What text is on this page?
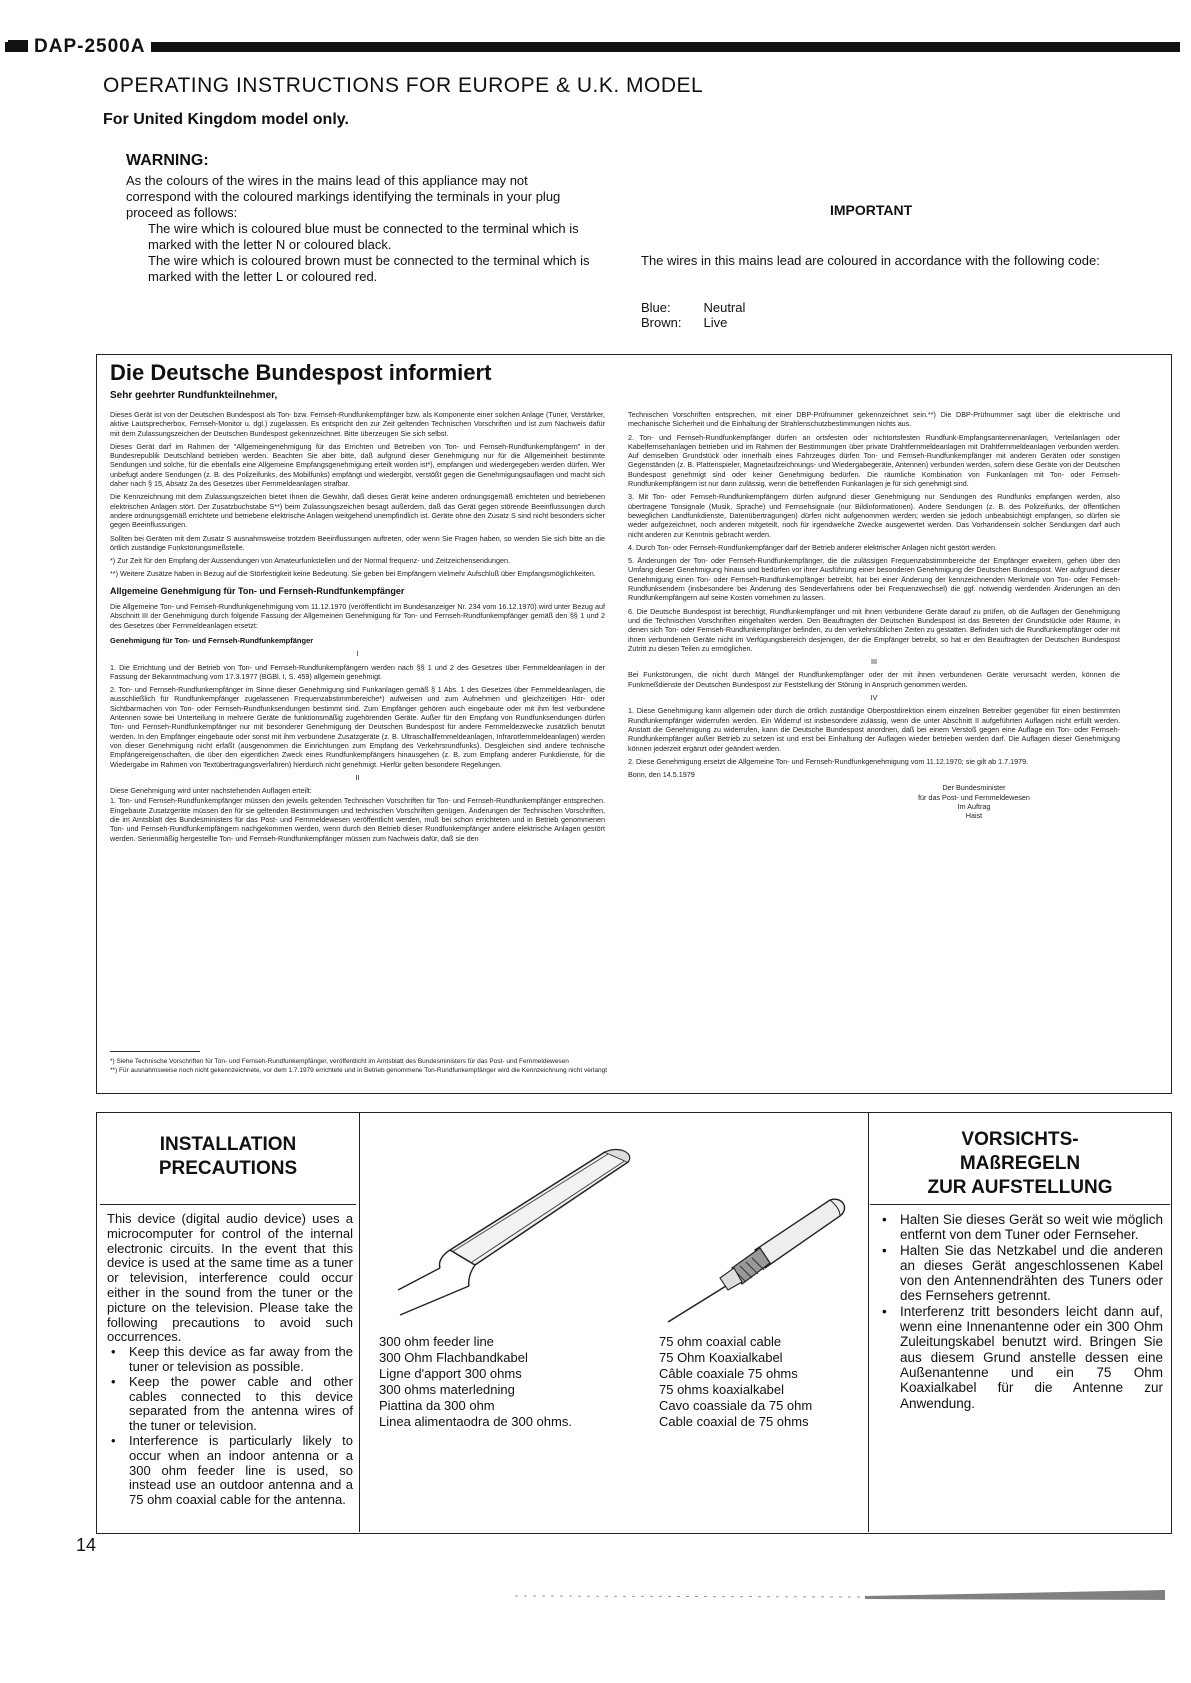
DAP-2500A
OPERATING INSTRUCTIONS FOR EUROPE & U.K. MODEL
For United Kingdom model only.
WARNING:

As the colours of the wires in the mains lead of this appliance may not correspond with the coloured markings identifying the terminals in your plug proceed as follows:

The wire which is coloured blue must be connected to the terminal which is marked with the letter N or coloured black.

The wire which is coloured brown must be connected to the terminal which is marked with the letter L or coloured red.

IMPORTANT
The wires in this mains lead are coloured in accordance with the following code:
Blue:	Neutral
Brown:	Live
Die Deutsche Bundespost informiert
Sehr geehrter Rundfunkteilnehmer,

Dieses Gerät ist von der Deutschen Bundespost als Ton- bzw. Fernseh-Rundfunkempfänger bzw. als Komponente einer solchen Anlage (Tuner, Verstärker, aktive Lautsprecherbox, Fernseh-Monitor u. dgl.) zugelassen. Es entspricht den zur Zeit geltenden Technischen Vorschriften und ist zum Nachweis dafür mit dem Zulassungszeichen der Deutschen Bundespost gekennzeichnet. Bitte überzeugen Sie sich selbst.

Dieses Gerät darf im Rahmen der "Allgemeingenehmigung für das Errichten und Betreiben von Ton- und Fernseh-Rundfunkempfängern" in der Bundesrepublik Deutschland betrieben werden. Beachten Sie aber bitte, daß aufgrund dieser Genehmigung nur für die Allgemeinheit bestimmte Sendungen und solche, für die ebenfalls eine Allgemeine Empfangsgenehmigung erteilt worden ist*), empfangen und wiedergegeben werden dürfen. Wer unbefugt andere Sendungen (z. B. des Polizeifunks, des Mobilfunks) empfängt und wiedergibt, verstößt gegen die Genehmigungsauflagen und macht sich daher nach § 15, Absatz 2a des Gesetzes über Fernmeldeanlagen strafbar.

Die Kennzeichnung mit dem Zulassungszeichen bietet Ihnen die Gewähr, daß dieses Gerät keine anderen ordnungsgemäß errichteten und betriebenen elektrischen Anlagen stört. Der Zusatzbuchstabe S**) beim Zulassungszeichen besagt außerdem, daß das Gerät gegen störende Beeinflussungen durch andere ordnungsgemäß errichtete und betriebene elektrische Anlagen weitgehend unempfindlich ist. Geräte ohne den Zusatz S sind nicht besonders sicher gegen Beeinflussungen.

Sollten bei Geräten mit dem Zusatz S ausnahmsweise trotzdem Beeinflussungen auftreten, oder wenn Sie Fragen haben, so wenden Sie sich bitte an die örtlich zuständige Funkstörungsmeßstelle.

*) Zur Zeit für den Empfang der Aussendungen von Amateurfunkstellen und der Normal frequenz- und Zeitzeichensendungen.

**) Weitere Zusätze haben in Bezug auf die Störfestigkeit keine Bedeutung. Sie geben bei Empfängern vielmehr Aufschluß über Empfangsmöglichkeiten.

Allgemeine Genehmigung für Ton- und Fernseh-Rundfunkempfänger

Die Allgemeine Ton- und Fernseh-Rundfunkgenehmigung vom 11.12.1970 (veröffentlicht im Bundesanzeiger Nr. 234 vom 16.12.1970) wird unter Bezug auf Abschnitt III der Genehmigung durch folgende Fassung der Allgemeinen Genehmigung für Ton- und Fernseh-Rundfunkempfänger gemäß den §§ 1 und 2 des Gesetzes über Fernmeldeanlagen ersetzt:

Genehmigung für Ton- und Fernseh-Rundfunkempfänger

I

1. Die Errichtung und der Betrieb von Ton- und Fernseh-Rundfunkempfängern werden nach §§ 1 und 2 des Gesetzes über Fernmeldeanlagen in der Fassung der Bekanntmachung vom 17.3.1977 (BGBl. I, S. 459) allgemein genehmigt.

2. Ton- und Fernseh-Rundfunkempfänger im Sinne dieser Genehmigung sind Funkanlagen gemäß § 1 Abs. 1 des Gesetzes über Fernmeldeanlagen, die ausschließlich für Rundfunkempfänger zugelassenen Frequenzabstimmbereiche*) aufweisen und zum Aufnehmen und gleichzeitigen Hör- oder Sichtbarmachen von Ton- oder Fernseh-Rundfunksendungen bestimmt sind. Zum Empfänger gehören auch eingebaute oder mit ihm fest verbundene Antennen sowie bei Unterteilung in mehrere Geräte die funktionsmäßig zugehörenden Geräte. Außer für den Empfang von Rundfunksendungen dürfen Ton- und Fernseh-Rundfunkempfänger nur mit besonderer Genehmigung der Deutschen Bundespost für andere Fernmeldezwecke zusätzlich benutzt werden. In den Empfänger eingebaute oder sonst mit ihm verbundene Zusatzgeräte (z. B. Ultraschallfernmeldeanlagen, Infrarotfernmeldeanlagen) werden von dieser Genehmigung nicht erfaßt (ausgenommen die Einrichtungen zum Empfang des Verkehrsrundfunks). Desgleichen sind andere technische Empfängereigenschaften, die über den eigentlichen Zweck eines Rundfunkempfängers hinausgehen (z. B. zum Empfang anderer Funkdienste, für die Wiedergabe im Rahmen von Textübertragungsverfahren) hierdurch nicht genehmigt. Hierfür gelten besondere Regelungen.

II

Diese Genehmigung wird unter nachstehenden Auflagen erteilt:

1. Ton- und Fernseh-Rundfunkempfänger müssen den jeweils geltenden Technischen Vorschriften für Ton- und Fernseh-Rundfunkempfänger entsprechen. Eingebaute Zusatzgeräte müssen den für sie geltenden Bestimmungen und technischen Vorschriften genügen. Änderungen der Technischen Vorschriften, die im Amtsblatt des Bundesministers für das Post- und Fernmeldewesen veröffentlicht werden, muß bei schon errichteten und in Betrieb genommenen Ton- und Fernseh-Rundfunkempfängern nachgekommen werden, wenn durch den Betrieb dieser Rundfunkempfänger andere elektrische Anlagen gestört werden. Serienmäßig hergestellte Ton- und Fernseh-Rundfunkempfänger müssen zum Nachweis dafür, daß sie den

Technischen Vorschriften entsprechen, mit einer DBP-Prüfnummer gekennzeichnet sein.**) Die DBP-Prüfnummer sagt über die elektrische und mechanische Sicherheit und die Einhaltung der Strahlenschutzbestimmungen nichts aus.

2. Ton- und Fernseh-Rundfunkempfänger dürfen an ortsfesten oder nichtortsfesten Rundfunk-Empfangsantennenanlagen, Verteilanlagen oder Kabelfernsehanlagen betrieben und im Rahmen der Bestimmungen über private Drahtfernmeldeanlagen mit Drahtfernmeldeanlagen verbunden werden. Auf demselben Grundstück oder innerhalb eines Fahrzeuges dürfen Ton- und Fernseh-Rundfunkempfänger mit anderen Geräten oder sonstigen Gegenständen (z. B. Plattenspieler, Magnetaufzeichnungs- und Wiedergabegeräte, Antennen) verbunden werden, sofern diese Geräte von der Deutschen Bundespost genehmigt sind oder keiner Genehmigung bedürfen. Die räumliche Kombination von Funkanlagen mit Ton- oder Fernseh-Rundfunkempfängern ist nur dann zulässig, wenn die betreffenden Funkanlagen je für sich genehmigt sind.

3. Mit Ton- oder Fernseh-Rundfunkempfängern dürfen aufgrund dieser Genehmigung nur Sendungen des Rundfunks empfangen werden, also übertragene Tonsignale (Musik, Sprache) und Fernsehsignale (nur Bildinformationen). Andere Sendungen (z. B. des Polizeifunks, der öffentlichen beweglichen Landfunkdienste, Datenübertragungen) dürfen nicht aufgenommen werden; werden sie jedoch unbeabsichtigt empfangen, so dürfen sie weder aufgezeichnet, noch anderen mitgeteilt, noch für irgendwelche Zwecke ausgewertet werden. Das Vorhandensein solcher Sendungen darf auch nicht anderen zur Kenntnis gebracht werden.

4. Durch Ton- oder Fernseh-Rundfunkempfänger darf der Betrieb anderer elektrischer Anlagen nicht gestört werden.

5. Änderungen der Ton- oder Fernseh-Rundfunkempfänger, die die zulässigen Frequenzabstimmbereiche der Empfänger erweitern, gehen über den Umfang dieser Genehmigung hinaus und bedürfen vor ihrer Ausführung einer besonderen Genehmigung der Deutschen Bundespost. Wer aufgrund dieser Genehmigung einen Ton- oder Fernseh-Rundfunkempfänger betreibt, hat bei einer Änderung der kennzeichnenden Merkmale von Ton- oder Fernseh-Rundfunksendern (insbesondere bei Änderung des Sendeverfahrens oder bei Frequenzwechsel) die ggf. notwendig werdenden Änderungen an den Rundfunkempfängern auf seine Kosten vornehmen zu lassen.

6. Die Deutsche Bundespost ist berechtigt, Rundfunkempfänger und mit ihnen verbundene Geräte darauf zu prüfen, ob die Auflagen der Genehmigung und die Technischen Vorschriften eingehalten werden. Den Beauftragten der Deutschen Bundespost ist das Betreten der Grundstücke oder Räume, in denen sich Ton- oder Fernseh-Rundfunkempfänger befinden, zu den verkehrsüblichen Zeiten zu gestatten. Befinden sich die Rundfunkempfänger oder mit ihnen verbundenen Geräte nicht im Verfügungsbereich desjenigen, der die Empfänger betreibt, so hat er den Beauftragten der Deutschen Bundespost Zutritt zu diesen Teilen zu ermöglichen.

III

Bei Funkstörungen, die nicht durch Mängel der Rundfunkempfänger oder der mit ihnen verbundenen Geräte verursacht werden, können die Funkmeßdienste der Deutschen Bundespost zur Feststellung der Störung in Anspruch genommen werden.

IV

1. Diese Genehmigung kann allgemein oder durch die örtlich zuständige Oberpostdirektion einem einzelnen Betreiber gegenüber für einen bestimmten Rundfunkempfänger widerrufen werden. Ein Widerruf ist insbesondere zulässig, wenn die unter Abschnitt II aufgeführten Auflagen nicht erfüllt werden. Anstatt die Genehmigung zu widerrufen, kann die Deutsche Bundespost anordnen, daß bei einem Verstoß gegen eine Auflage ein Ton- oder Fernseh-Rundfunkempfänger außer Betrieb zu setzen ist und erst bei Einhaltung der Auflagen wieder betrieben werden darf. Die Auflagen dieser Genehmigung können jederzeit ergänzt oder geändert werden.

2. Diese Genehmigung ersetzt die Allgemeine Ton- und Fernseh-Rundfunkgenehmigung vom 11.12.1970; sie gilt ab 1.7.1979.

Bonn, den 14.5.1979

Der Bundesminister
für das Post- und Fernmeldewesen
Im Auftrag
Haist
*) Siehe Technische Vorschriften für Ton- und Fernseh-Rundfunkempfänger, veröffentlicht im Amtsblatt des Bundesministers für das Post- und Fernmeldewesen
**) Für ausnahmsweise noch nicht gekennzeichnete, vor dem 1.7.1979 errichtete und in Betrieb genommene Ton-Rundfunkempfänger wird die Kennzeichnung nicht verlangt
INSTALLATION
PRECAUTIONS

This device (digital audio device) uses a microcomputer for control of the internal electronic circuits. In the event that this device is used at the same time as a tuner or television, interference could occur either in the sound from the tuner or the picture on the television. Please take the following precautions to avoid such occurrences.

• Keep this device as far away from the tuner or television as possible.
• Keep the power cable and other cables connected to this device separated from the antenna wires of the tuner or television.
• Interference is particularly likely to occur when an indoor antenna or a 300 ohm feeder line is used, so instead use an outdoor antenna and a 75 ohm coaxial cable for the antenna.
300 ohm feeder line
300 Ohm Flachbandkabel
Ligne d'apport 300 ohms
300 ohms materledning
Piattina da 300 ohm
Linea alimentaodra de 300 ohms.
75 ohm coaxial cable
75 Ohm Koaxialkabel
Câble coaxiale 75 ohms
75 ohms koaxialkabel
Cavo coassiale da 75 ohm
Cable coaxial de 75 ohms
VORSICHTS-
MAßREGELN
ZUR AUFSTELLUNG
• Halten Sie dieses Gerät so weit wie möglich entfernt von dem Tuner oder Fernseher.
• Halten Sie das Netzkabel und die anderen an dieses Gerät angeschlossenen Kabel von den Antennendrähten des Tuners oder des Fernsehers getrennt.
• Interferenz tritt besonders leicht dann auf, wenn eine Innenantenne oder ein 300 Ohm Zuleitungskabel benutzt wird. Bringen Sie aus diesem Grund anstelle dessen eine Außenantenne und ein 75 Ohm Koaxialkabel für die Antenne zur Anwendung.
14
